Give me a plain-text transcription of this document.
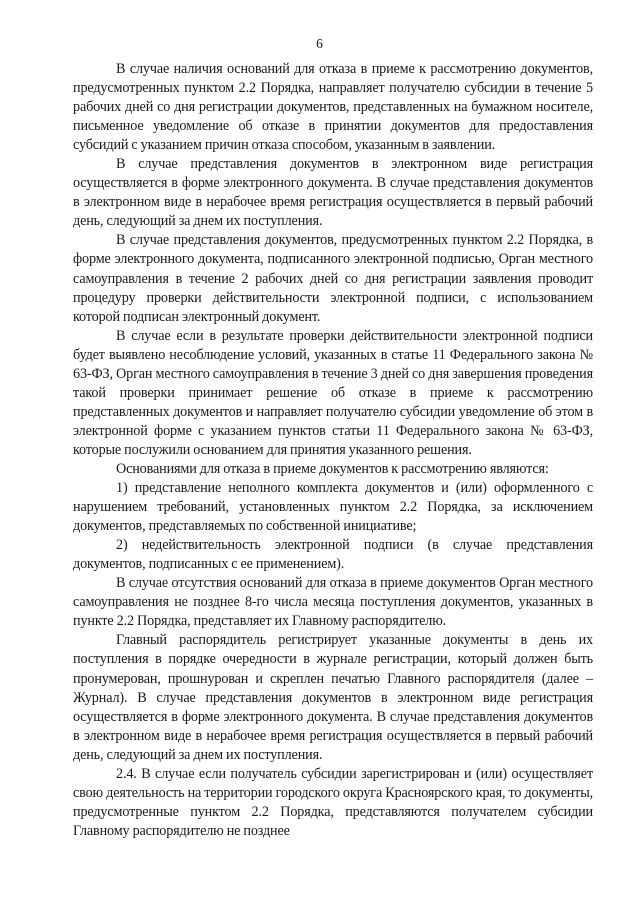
6

В случае наличия оснований для отказа в приеме к рассмотрению документов, предусмотренных пунктом 2.2 Порядка, направляет получателю субсидии в течение 5 рабочих дней со дня регистрации документов, представленных на бумажном носителе, письменное уведомление об отказе в принятии документов для предоставления субсидий с указанием причин отказа способом, указанным в заявлении.

В случае представления документов в электронном виде регистрация осуществляется в форме электронного документа. В случае представления документов в электронном виде в нерабочее время регистрация осуществляется в первый рабочий день, следующий за днем их поступления.

В случае представления документов, предусмотренных пунктом 2.2 Порядка, в форме электронного документа, подписанного электронной подписью, Орган местного самоуправления в течение 2 рабочих дней со дня регистрации заявления проводит процедуру проверки действительности электронной подписи, с использованием которой подписан электронный документ.

В случае если в результате проверки действительности электронной подписи будет выявлено несоблюдение условий, указанных в статье 11 Федерального закона № 63-ФЗ, Орган местного самоуправления в течение 3 дней со дня завершения проведения такой проверки принимает решение об отказе в приеме к рассмотрению представленных документов и направляет получателю субсидии уведомление об этом в электронной форме с указанием пунктов статьи 11 Федерального закона № 63-ФЗ, которые послужили основанием для принятия указанного решения.

Основаниями для отказа в приеме документов к рассмотрению являются:

1) представление неполного комплекта документов и (или) оформленного с нарушением требований, установленных пунктом 2.2 Порядка, за исключением документов, представляемых по собственной инициативе;

2) недействительность электронной подписи (в случае представления документов, подписанных с ее применением).

В случае отсутствия оснований для отказа в приеме документов Орган местного самоуправления не позднее 8-го числа месяца поступления документов, указанных в пункте 2.2 Порядка, представляет их Главному распорядителю.

Главный распорядитель регистрирует указанные документы в день их поступления в порядке очередности в журнале регистрации, который должен быть пронумерован, прошнурован и скреплен печатью Главного распорядителя (далее – Журнал). В случае представления документов в электронном виде регистрация осуществляется в форме электронного документа. В случае представления документов в электронном виде в нерабочее время регистрация осуществляется в первый рабочий день, следующий за днем их поступления.

2.4. В случае если получатель субсидии зарегистрирован и (или) осуществляет свою деятельность на территории городского округа Красноярского края, то документы, предусмотренные пунктом 2.2 Порядка, представляются получателем субсидии Главному распорядителю не позднее
